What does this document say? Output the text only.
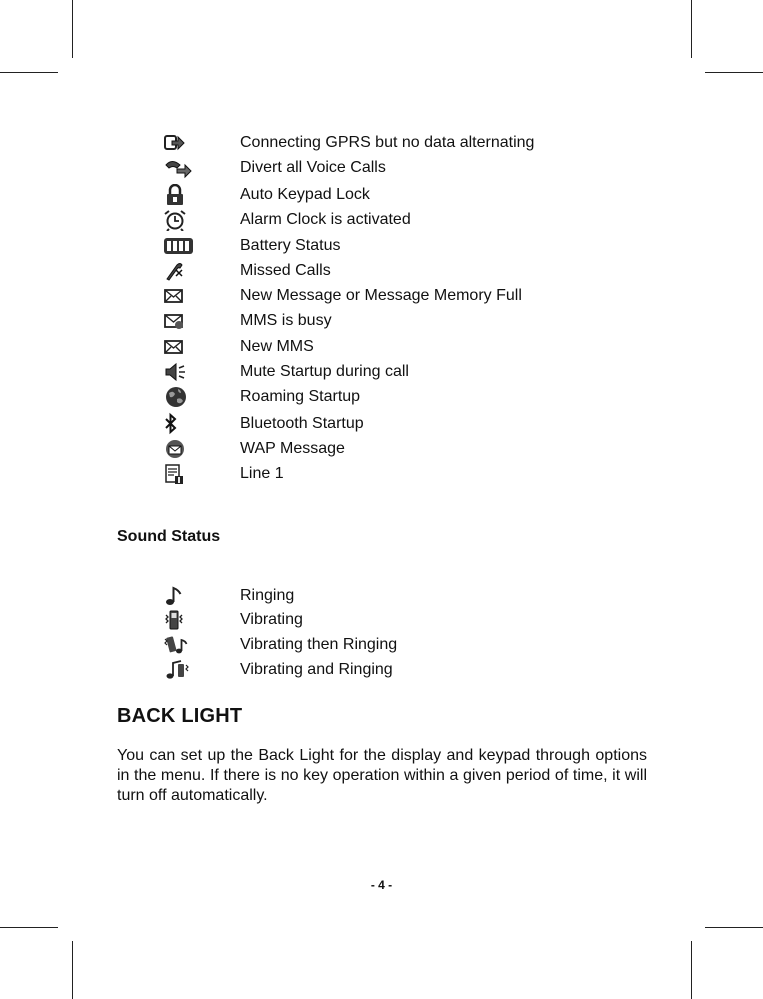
Connecting GPRS but no data alternating
Divert all Voice Calls
Auto Keypad Lock
Alarm Clock is activated
Battery Status
Missed Calls
New Message or Message Memory Full
MMS is busy
New MMS
Mute Startup during call
Roaming Startup
Bluetooth Startup
WAP Message
Line 1
Sound Status
Ringing
Vibrating
Vibrating then Ringing
Vibrating and Ringing
BACK LIGHT
You can set up the Back Light for the display and keypad through options in the menu. If there is no key operation within a given period of time, it will turn off automatically.
- 4 -
